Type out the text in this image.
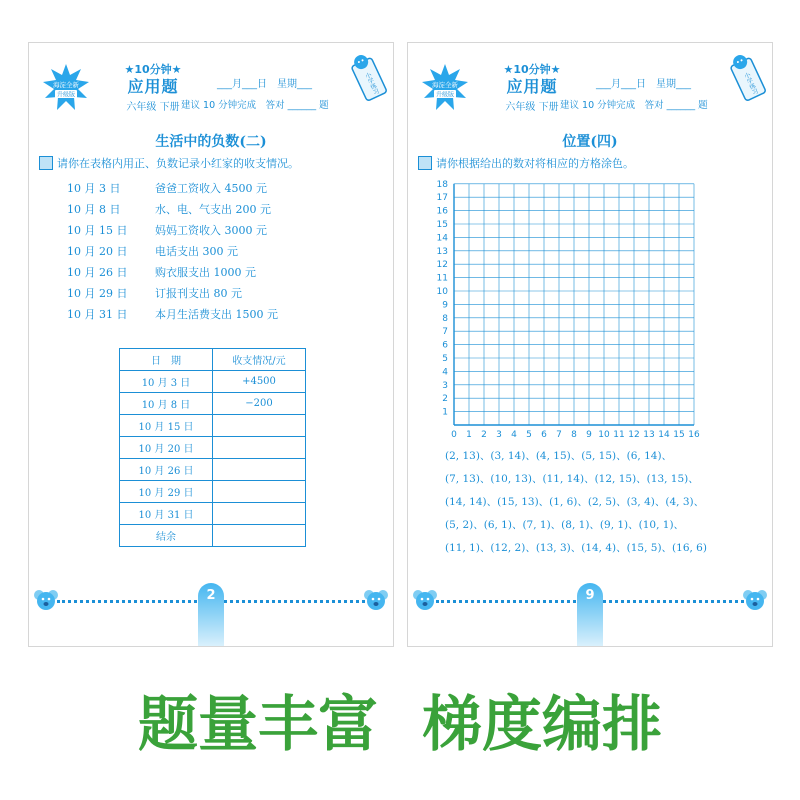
海淀全新
升级版
★10分钟★
应用题
六年级 下册
___月___日　星期___
建议 10 分钟完成　答对 ______ 题
小学练习
生活中的负数(二)
请你在表格内用正、负数记录小红家的收支情况。
10 月 3 日	爸爸工资收入 4500 元
10 月 8 日	水、电、气支出 200 元
10 月 15 日	妈妈工资收入 3000 元
10 月 20 日	电话支出 300 元
10 月 26 日	购衣服支出 1000 元
10 月 29 日	订报刊支出 80 元
10 月 31 日	本月生活费支出 1500 元
日　期	收支情况/元
10 月 3 日	+4500
10 月 8 日	−200
10 月 15 日	
10 月 20 日	
10 月 26 日	
10 月 29 日	
10 月 31 日	
结余	
2
海淀全新
升级版
★10分钟★
应用题
六年级 下册
___月___日　星期___
建议 10 分钟完成　答对 ______ 题
小学练习
位置(四)
请你根据给出的数对将相应的方格涂色。
0 1 2 3 4 5 6 7 8 9 10 11 12 13 14 15 16
1
2
3
4
5
6
7
8
9
10
11
12
13
14
15
16
17
18
(2, 13)、(3, 14)、(4, 15)、(5, 15)、(6, 14)、
(7, 13)、(10, 13)、(11, 14)、(12, 15)、(13, 15)、
(14, 14)、(15, 13)、(1, 6)、(2, 5)、(3, 4)、(4, 3)、
(5, 2)、(6, 1)、(7, 1)、(8, 1)、(9, 1)、(10, 1)、
(11, 1)、(12, 2)、(13, 3)、(14, 4)、(15, 5)、(16, 6)
9
题量丰富 梯度编排
